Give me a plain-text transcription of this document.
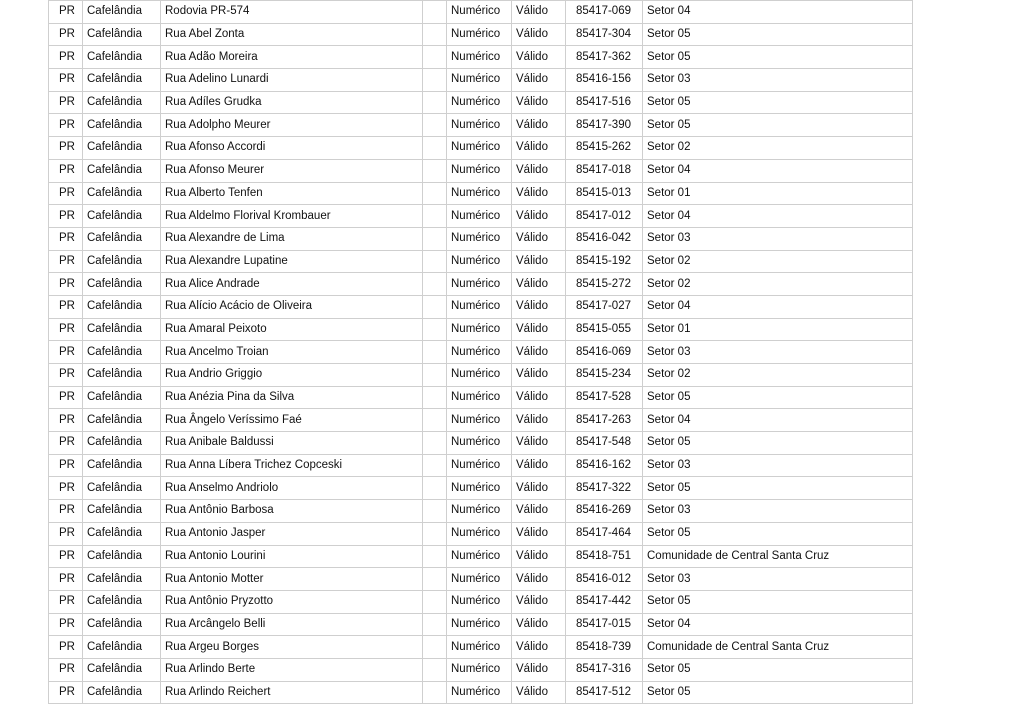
PR	Cafelândia	Rodovia PR-574		Numérico	Válido	85417-069	Setor 04
PR	Cafelândia	Rua Abel Zonta		Numérico	Válido	85417-304	Setor 05
PR	Cafelândia	Rua Adão Moreira		Numérico	Válido	85417-362	Setor 05
PR	Cafelândia	Rua Adelino Lunardi		Numérico	Válido	85416-156	Setor 03
PR	Cafelândia	Rua Adíles Grudka		Numérico	Válido	85417-516	Setor 05
PR	Cafelândia	Rua Adolpho Meurer		Numérico	Válido	85417-390	Setor 05
PR	Cafelândia	Rua Afonso Accordi		Numérico	Válido	85415-262	Setor 02
PR	Cafelândia	Rua Afonso Meurer		Numérico	Válido	85417-018	Setor 04
PR	Cafelândia	Rua Alberto Tenfen		Numérico	Válido	85415-013	Setor 01
PR	Cafelândia	Rua Aldelmo Florival Krombauer		Numérico	Válido	85417-012	Setor 04
PR	Cafelândia	Rua Alexandre de Lima		Numérico	Válido	85416-042	Setor 03
PR	Cafelândia	Rua Alexandre Lupatine		Numérico	Válido	85415-192	Setor 02
PR	Cafelândia	Rua Alice Andrade		Numérico	Válido	85415-272	Setor 02
PR	Cafelândia	Rua Alício Acácio de Oliveira		Numérico	Válido	85417-027	Setor 04
PR	Cafelândia	Rua Amaral Peixoto		Numérico	Válido	85415-055	Setor 01
PR	Cafelândia	Rua Ancelmo Troian		Numérico	Válido	85416-069	Setor 03
PR	Cafelândia	Rua Andrio Griggio		Numérico	Válido	85415-234	Setor 02
PR	Cafelândia	Rua Anézia Pina da Silva		Numérico	Válido	85417-528	Setor 05
PR	Cafelândia	Rua Ângelo Veríssimo Faé		Numérico	Válido	85417-263	Setor 04
PR	Cafelândia	Rua Anibale Baldussi		Numérico	Válido	85417-548	Setor 05
PR	Cafelândia	Rua Anna Líbera Trichez Copceski		Numérico	Válido	85416-162	Setor 03
PR	Cafelândia	Rua Anselmo Andriolo		Numérico	Válido	85417-322	Setor 05
PR	Cafelândia	Rua Antônio Barbosa		Numérico	Válido	85416-269	Setor 03
PR	Cafelândia	Rua Antonio Jasper		Numérico	Válido	85417-464	Setor 05
PR	Cafelândia	Rua Antonio Lourini		Numérico	Válido	85418-751	Comunidade de Central Santa Cruz
PR	Cafelândia	Rua Antonio Motter		Numérico	Válido	85416-012	Setor 03
PR	Cafelândia	Rua Antônio Pryzotto		Numérico	Válido	85417-442	Setor 05
PR	Cafelândia	Rua Arcângelo Belli		Numérico	Válido	85417-015	Setor 04
PR	Cafelândia	Rua Argeu Borges		Numérico	Válido	85418-739	Comunidade de Central Santa Cruz
PR	Cafelândia	Rua Arlindo Berte		Numérico	Válido	85417-316	Setor 05
PR	Cafelândia	Rua Arlindo Reichert		Numérico	Válido	85417-512	Setor 05
